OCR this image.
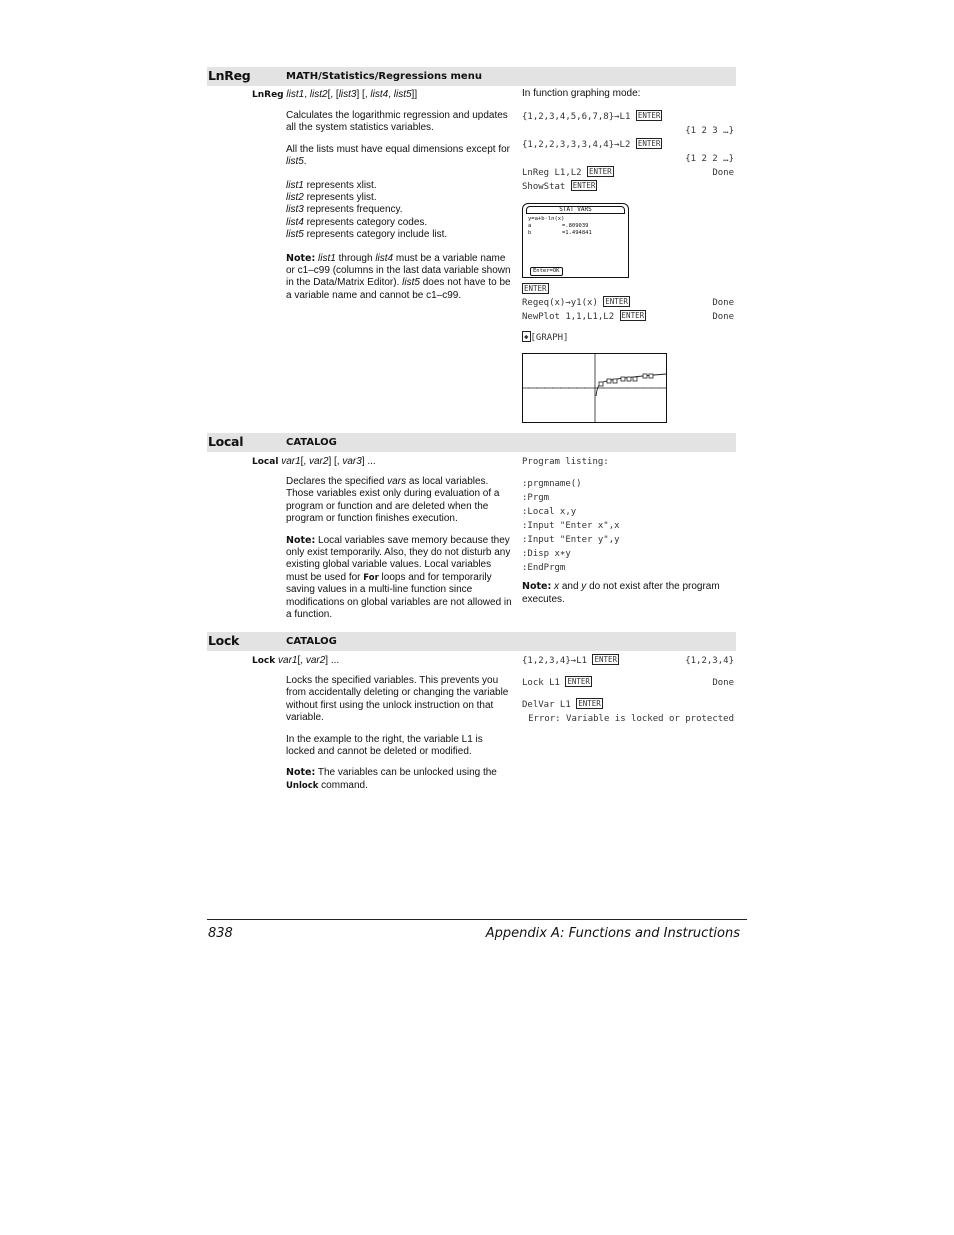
LnReg	MATH/Statistics/Regressions menu
LnReg list1, list2[, [list3] [, list4, list5]]

Calculates the logarithmic regression and updates all the system statistics variables.

All the lists must have equal dimensions except for list5.

list1 represents xlist.
list2 represents ylist.
list3 represents frequency.
list4 represents category codes.
list5 represents category include list.

Note: list1 through list4 must be a variable name or c1–c99 (columns in the last data variable shown in the Data/Matrix Editor). list5 does not have to be a variable name and cannot be c1–c99.

In function graphing mode:
{1,2,3,4,5,6,7,8}→L1 ENTER
{1 2 3 …}
{1,2,2,3,3,3,4,4}→L2 ENTER
{1 2 2 …}
LnReg L1,L2 ENTER	Done
ShowStat ENTER
STAT VARS
y=a+b·ln(x)
a	=.809039
b	=1.494841
Enter=OK
ENTER
Regeq(x)→y1(x) ENTER	Done
NewPlot 1,1,L1,L2 ENTER	Done
◆ [GRAPH]
Local	CATALOG
Local var1[, var2] [, var3] ...

Declares the specified vars as local variables. Those variables exist only during evaluation of a program or function and are deleted when the program or function finishes execution.

Note: Local variables save memory because they only exist temporarily. Also, they do not disturb any existing global variable values. Local variables must be used for For loops and for temporarily saving values in a multi-line function since modifications on global variables are not allowed in a function.

Program listing:
:prgmname()
:Prgm
:Local x,y
:Input "Enter x",x
:Input "Enter y",y
:Disp x∗y
:EndPrgm
Note: x and y do not exist after the program executes.
Lock	CATALOG
Lock var1[, var2] ...

Locks the specified variables. This prevents you from accidentally deleting or changing the variable without first using the unlock instruction on that variable.

In the example to the right, the variable L1 is locked and cannot be deleted or modified.

Note: The variables can be unlocked using the Unlock command.

{1,2,3,4}→L1 ENTER	{1,2,3,4}
Lock L1 ENTER	Done
DelVar L1 ENTER
Error: Variable is locked or protected
838	Appendix A: Functions and Instructions
